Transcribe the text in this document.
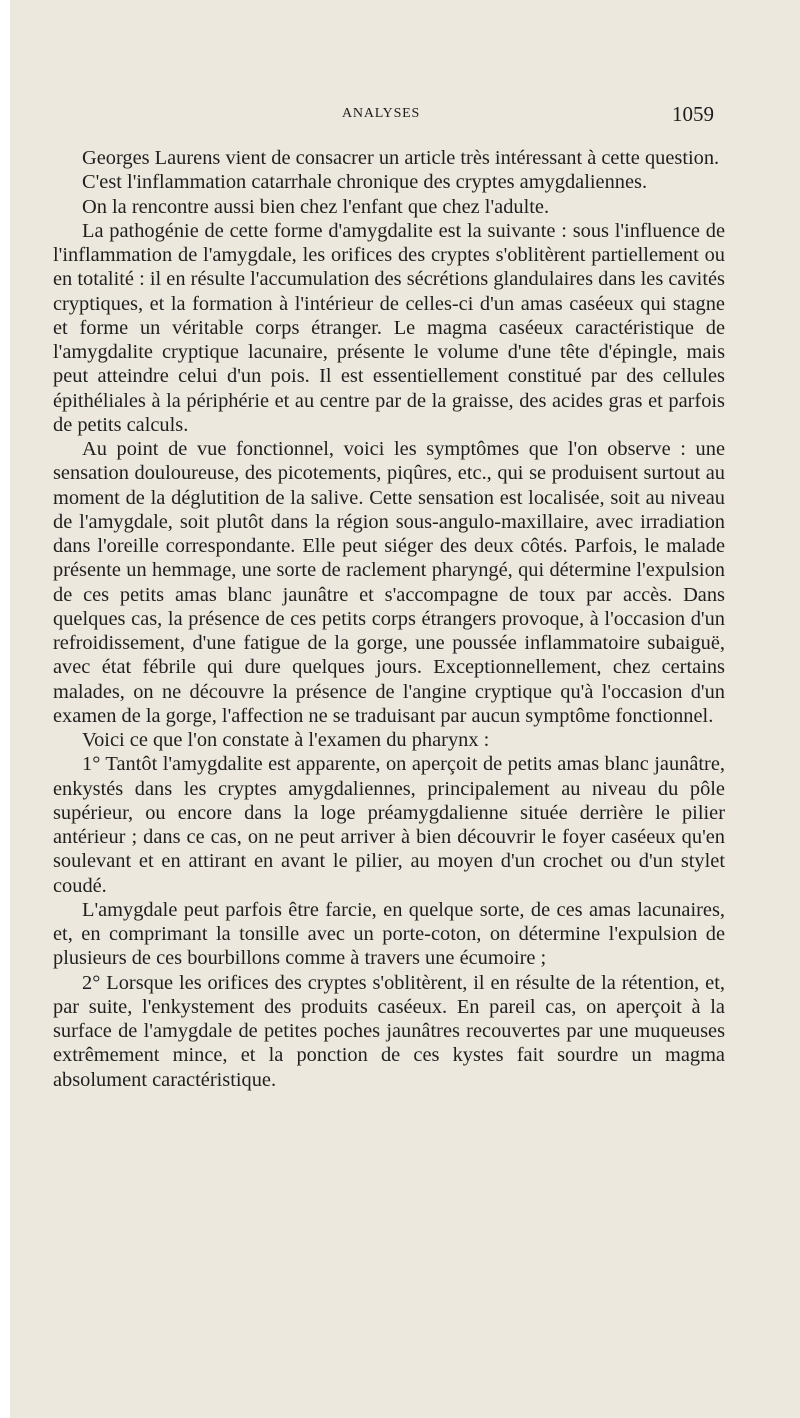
ANALYSES	1059

Georges Laurens vient de consacrer un article très intéressant à cette question.

C'est l'inflammation catarrhale chronique des cryptes amygdaliennes.

On la rencontre aussi bien chez l'enfant que chez l'adulte.

La pathogénie de cette forme d'amygdalite est la suivante : sous l'influence de l'inflammation de l'amygdale, les orifices des cryptes s'oblitèrent partiellement ou en totalité : il en résulte l'accumulation des sécrétions glandulaires dans les cavités cryptiques, et la formation à l'intérieur de celles-ci d'un amas caséeux qui stagne et forme un véritable corps étranger. Le magma caséeux caractéristique de l'amygdalite cryptique lacunaire, présente le volume d'une tête d'épingle, mais peut atteindre celui d'un pois. Il est essentiellement constitué par des cellules épithéliales à la périphérie et au centre par de la graisse, des acides gras et parfois de petits calculs.

Au point de vue fonctionnel, voici les symptômes que l'on observe : une sensation douloureuse, des picotements, piqûres, etc., qui se produisent surtout au moment de la déglutition de la salive. Cette sensation est localisée, soit au niveau de l'amygdale, soit plutôt dans la région sous-angulo-maxillaire, avec irradiation dans l'oreille correspondante. Elle peut siéger des deux côtés. Parfois, le malade présente un hemmage, une sorte de raclement pharyngé, qui détermine l'expulsion de ces petits amas blanc jaunâtre et s'accompagne de toux par accès. Dans quelques cas, la présence de ces petits corps étrangers provoque, à l'occasion d'un refroidissement, d'une fatigue de la gorge, une poussée inflammatoire subaiguë, avec état fébrile qui dure quelques jours. Exceptionnellement, chez certains malades, on ne découvre la présence de l'angine cryptique qu'à l'occasion d'un examen de la gorge, l'affection ne se traduisant par aucun symptôme fonctionnel.

Voici ce que l'on constate à l'examen du pharynx :

1° Tantôt l'amygdalite est apparente, on aperçoit de petits amas blanc jaunâtre, enkystés dans les cryptes amygdaliennes, principalement au niveau du pôle supérieur, ou encore dans la loge préamygdalienne située derrière le pilier antérieur ; dans ce cas, on ne peut arriver à bien découvrir le foyer caséeux qu'en soulevant et en attirant en avant le pilier, au moyen d'un crochet ou d'un stylet coudé.

L'amygdale peut parfois être farcie, en quelque sorte, de ces amas lacunaires, et, en comprimant la tonsille avec un porte-coton, on détermine l'expulsion de plusieurs de ces bourbillons comme à travers une écumoire ;

2° Lorsque les orifices des cryptes s'oblitèrent, il en résulte de la rétention, et, par suite, l'enkystement des produits caséeux. En pareil cas, on aperçoit à la surface de l'amygdale de petites poches jaunâtres recouvertes par une muqueuses extrêmement mince, et la ponction de ces kystes fait sourdre un magma absolument caractéristique.
